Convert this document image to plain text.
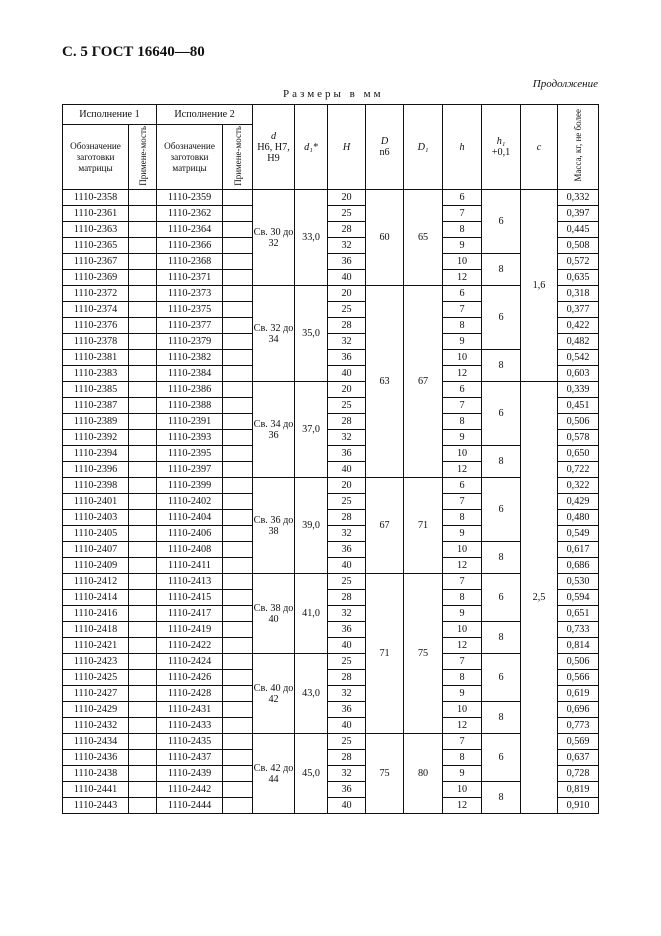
С. 5 ГОСТ 16640—80
Продолжение
Размеры в мм
Исполнение 1		Исполнение 2		d
Н6, Н7, Н9	d₁*	H	D
n6	D₁	h	h₁
+0,1	c	Масса, кг, не более
Обозначение заготовки матрицы	Примене-мость	Обозначение заготовки матрицы	Примене-мость									
1110-2358		1110-2359		Св. 30 до 32	33,0	20	60	65	6	6	1,6	0,332
1110-2361		1110-2362				25			7			0,397
1110-2363		1110-2364				28			8			0,445
1110-2365		1110-2366				32			9			0,508
1110-2367		1110-2368				36			10	8		0,572
1110-2369		1110-2371				40			12			0,635
1110-2372		1110-2373		Св. 32 до 34	35,0	20	63	67	6	6		0,318
1110-2374		1110-2375				25			7			0,377
1110-2376		1110-2377				28			8			0,422
1110-2378		1110-2379				32			9			0,482
1110-2381		1110-2382				36			10	8		0,542
1110-2383		1110-2384				40			12			0,603
1110-2385		1110-2386		Св. 34 до 36	37,0	20			6	6	2,5	0,339
1110-2387		1110-2388				25			7			0,451
1110-2389		1110-2391				28			8			0,506
1110-2392		1110-2393				32			9			0,578
1110-2394		1110-2395				36			10	8		0,650
1110-2396		1110-2397				40			12			0,722
1110-2398		1110-2399		Св. 36 до 38	39,0	20	67	71	6	6		0,322
1110-2401		1110-2402				25			7			0,429
1110-2403		1110-2404				28			8			0,480
1110-2405		1110-2406				32			9			0,549
1110-2407		1110-2408				36			10	8		0,617
1110-2409		1110-2411				40			12			0,686
1110-2412		1110-2413		Св. 38 до 40	41,0	25	71	75	7	6		0,530
1110-2414		1110-2415				28			8			0,594
1110-2416		1110-2417				32			9			0,651
1110-2418		1110-2419				36			10	8		0,733
1110-2421		1110-2422				40			12			0,814
1110-2423		1110-2424		Св. 40 до 42	43,0	25			7	6		0,506
1110-2425		1110-2426				28			8			0,566
1110-2427		1110-2428				32			9			0,619
1110-2429		1110-2431				36			10	8		0,696
1110-2432		1110-2433				40			12			0,773
1110-2434		1110-2435		Св. 42 до 44	45,0	25	75	80	7	6		0,569
1110-2436		1110-2437				28			8			0,637
1110-2438		1110-2439				32			9			0,728
1110-2441		1110-2442				36			10	8		0,819
1110-2443		1110-2444				40			12			0,910
